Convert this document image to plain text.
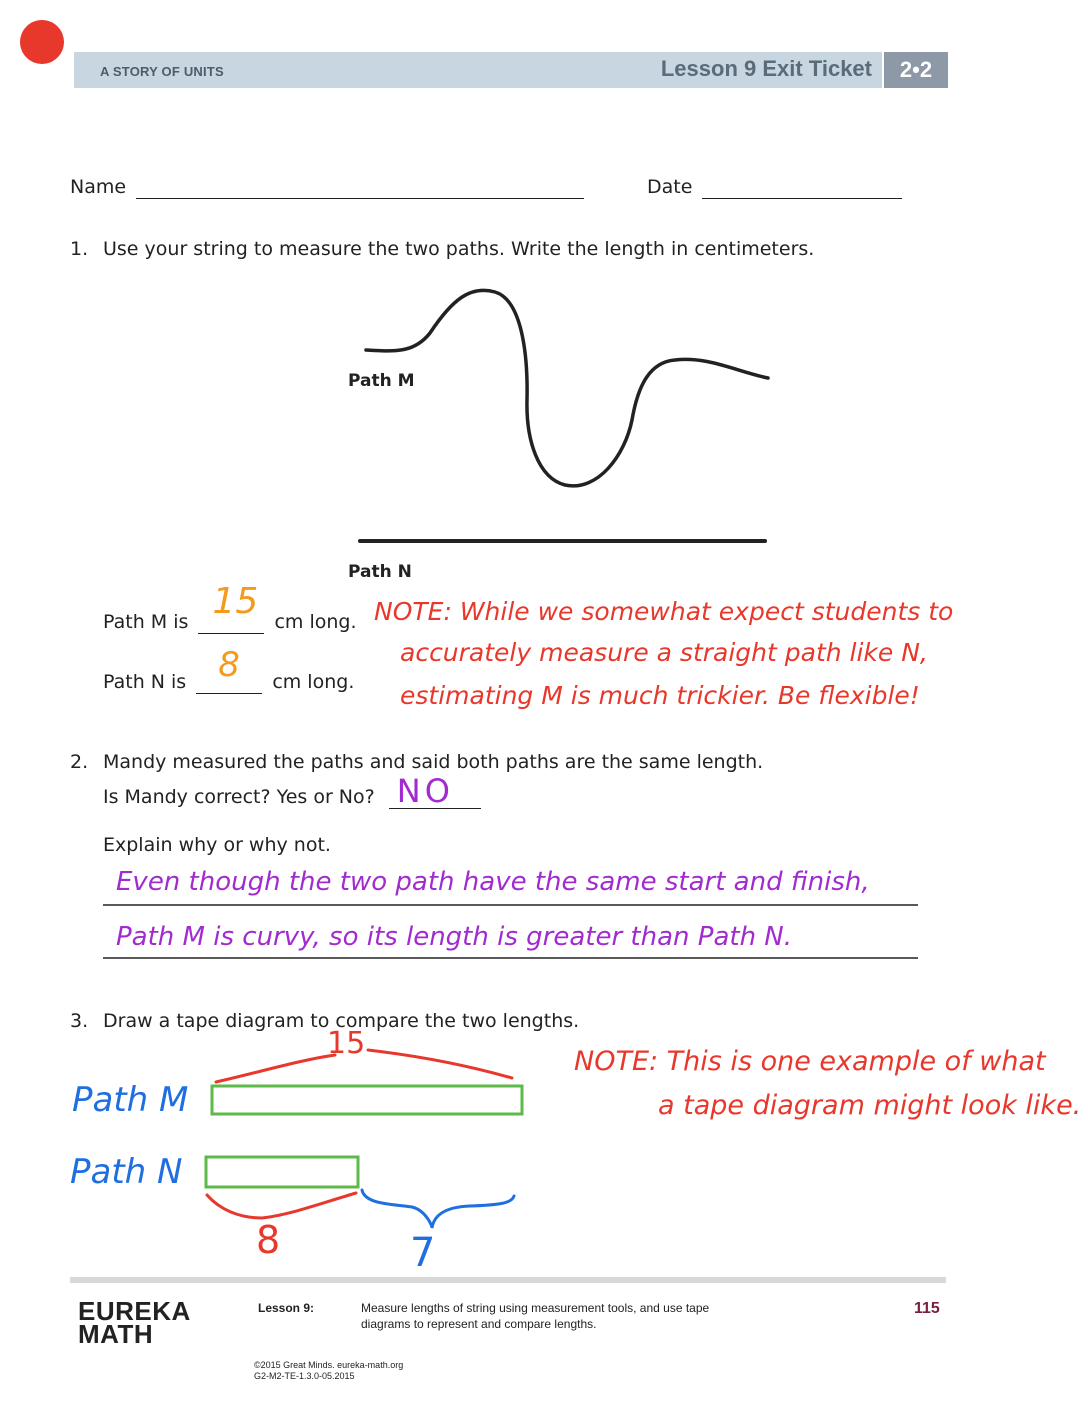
A STORY OF UNITS	Lesson 9 Exit Ticket	2•2
Name	Date
1. Use your string to measure the two paths. Write the length in centimeters.
Path M
Path N
Path M is 15 cm long.
Path N is 8 cm long.
NOTE: While we somewhat expect students to
accurately measure a straight path like N,
estimating M is much trickier. Be flexible!
2. Mandy measured the paths and said both paths are the same length.
Is Mandy correct? Yes or No? NO

Explain why or why not.
Even though the two path have the same start and finish,
Path M is curvy, so its length is greater than Path N.
3. Draw a tape diagram to compare the two lengths.
15
Path M
Path N
8	7
NOTE: This is one example of what
a tape diagram might look like.
EUREKA
MATH
Lesson 9:	Measure lengths of string using measurement tools, and use tape
diagrams to represent and compare lengths.
115
©2015 Great Minds. eureka-math.org
G2-M2-TE-1.3.0-05.2015
